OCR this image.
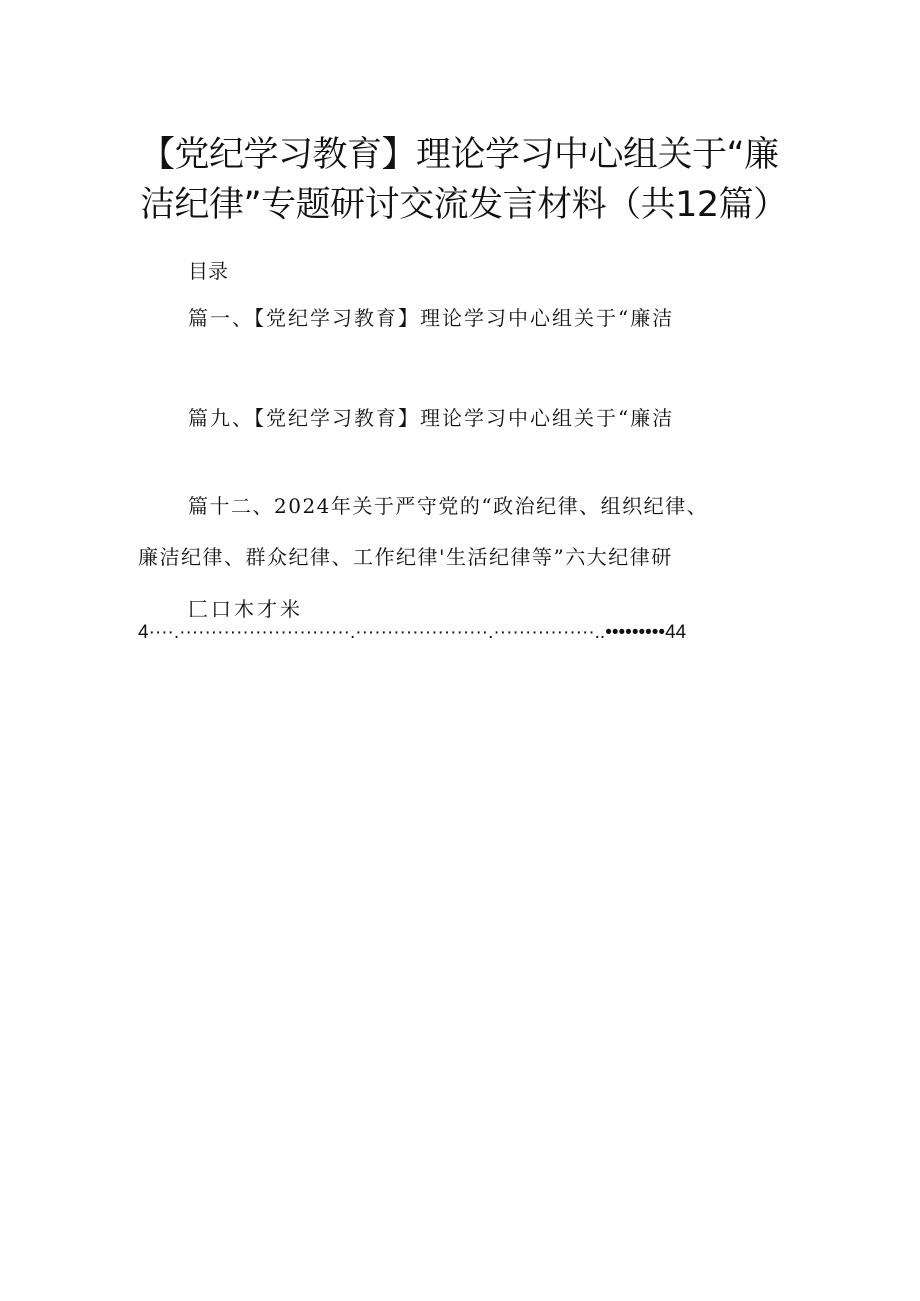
【党纪学习教育】理论学习中心组关于“廉
洁纪律”专题研讨交流发言材料（共12篇）
目录
篇一、【党纪学习教育】理论学习中心组关于“廉洁
篇九、【党纪学习教育】理论学习中心组关于“廉洁
篇十二、2024年关于严守党的“政治纪律、组织纪律、
廉洁纪律、群众纪律、工作纪律'生活纪律等”六大纪律研
匚口木才米
4····.···························.·····················.················..•••••••••44
